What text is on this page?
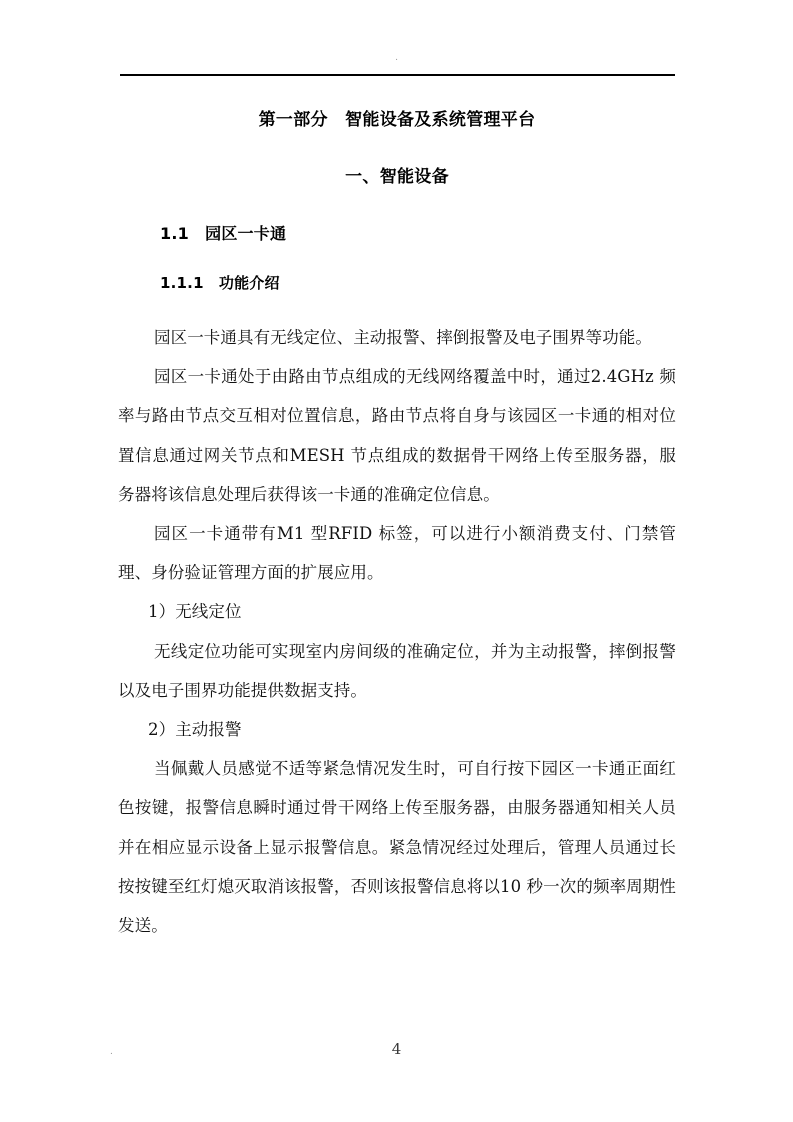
.
第一部分　智能设备及系统管理平台
一、智能设备
1.1　园区一卡通
1.1.1　功能介绍

园区一卡通具有无线定位、主动报警、摔倒报警及电子围界等功能。

园区一卡通处于由路由节点组成的无线网络覆盖中时，通过2.4GHz 频率与路由节点交互相对位置信息，路由节点将自身与该园区一卡通的相对位置信息通过网关节点和MESH 节点组成的数据骨干网络上传至服务器，服务器将该信息处理后获得该一卡通的准确定位信息。

园区一卡通带有M1 型RFID 标签，可以进行小额消费支付、门禁管理、身份验证管理方面的扩展应用。

1）无线定位

无线定位功能可实现室内房间级的准确定位，并为主动报警，摔倒报警以及电子围界功能提供数据支持。

2）主动报警

当佩戴人员感觉不适等紧急情况发生时，可自行按下园区一卡通正面红色按键，报警信息瞬时通过骨干网络上传至服务器，由服务器通知相关人员并在相应显示设备上显示报警信息。紧急情况经过处理后，管理人员通过长按按键至红灯熄灭取消该报警，否则该报警信息将以10 秒一次的频率周期性发送。

.	4
